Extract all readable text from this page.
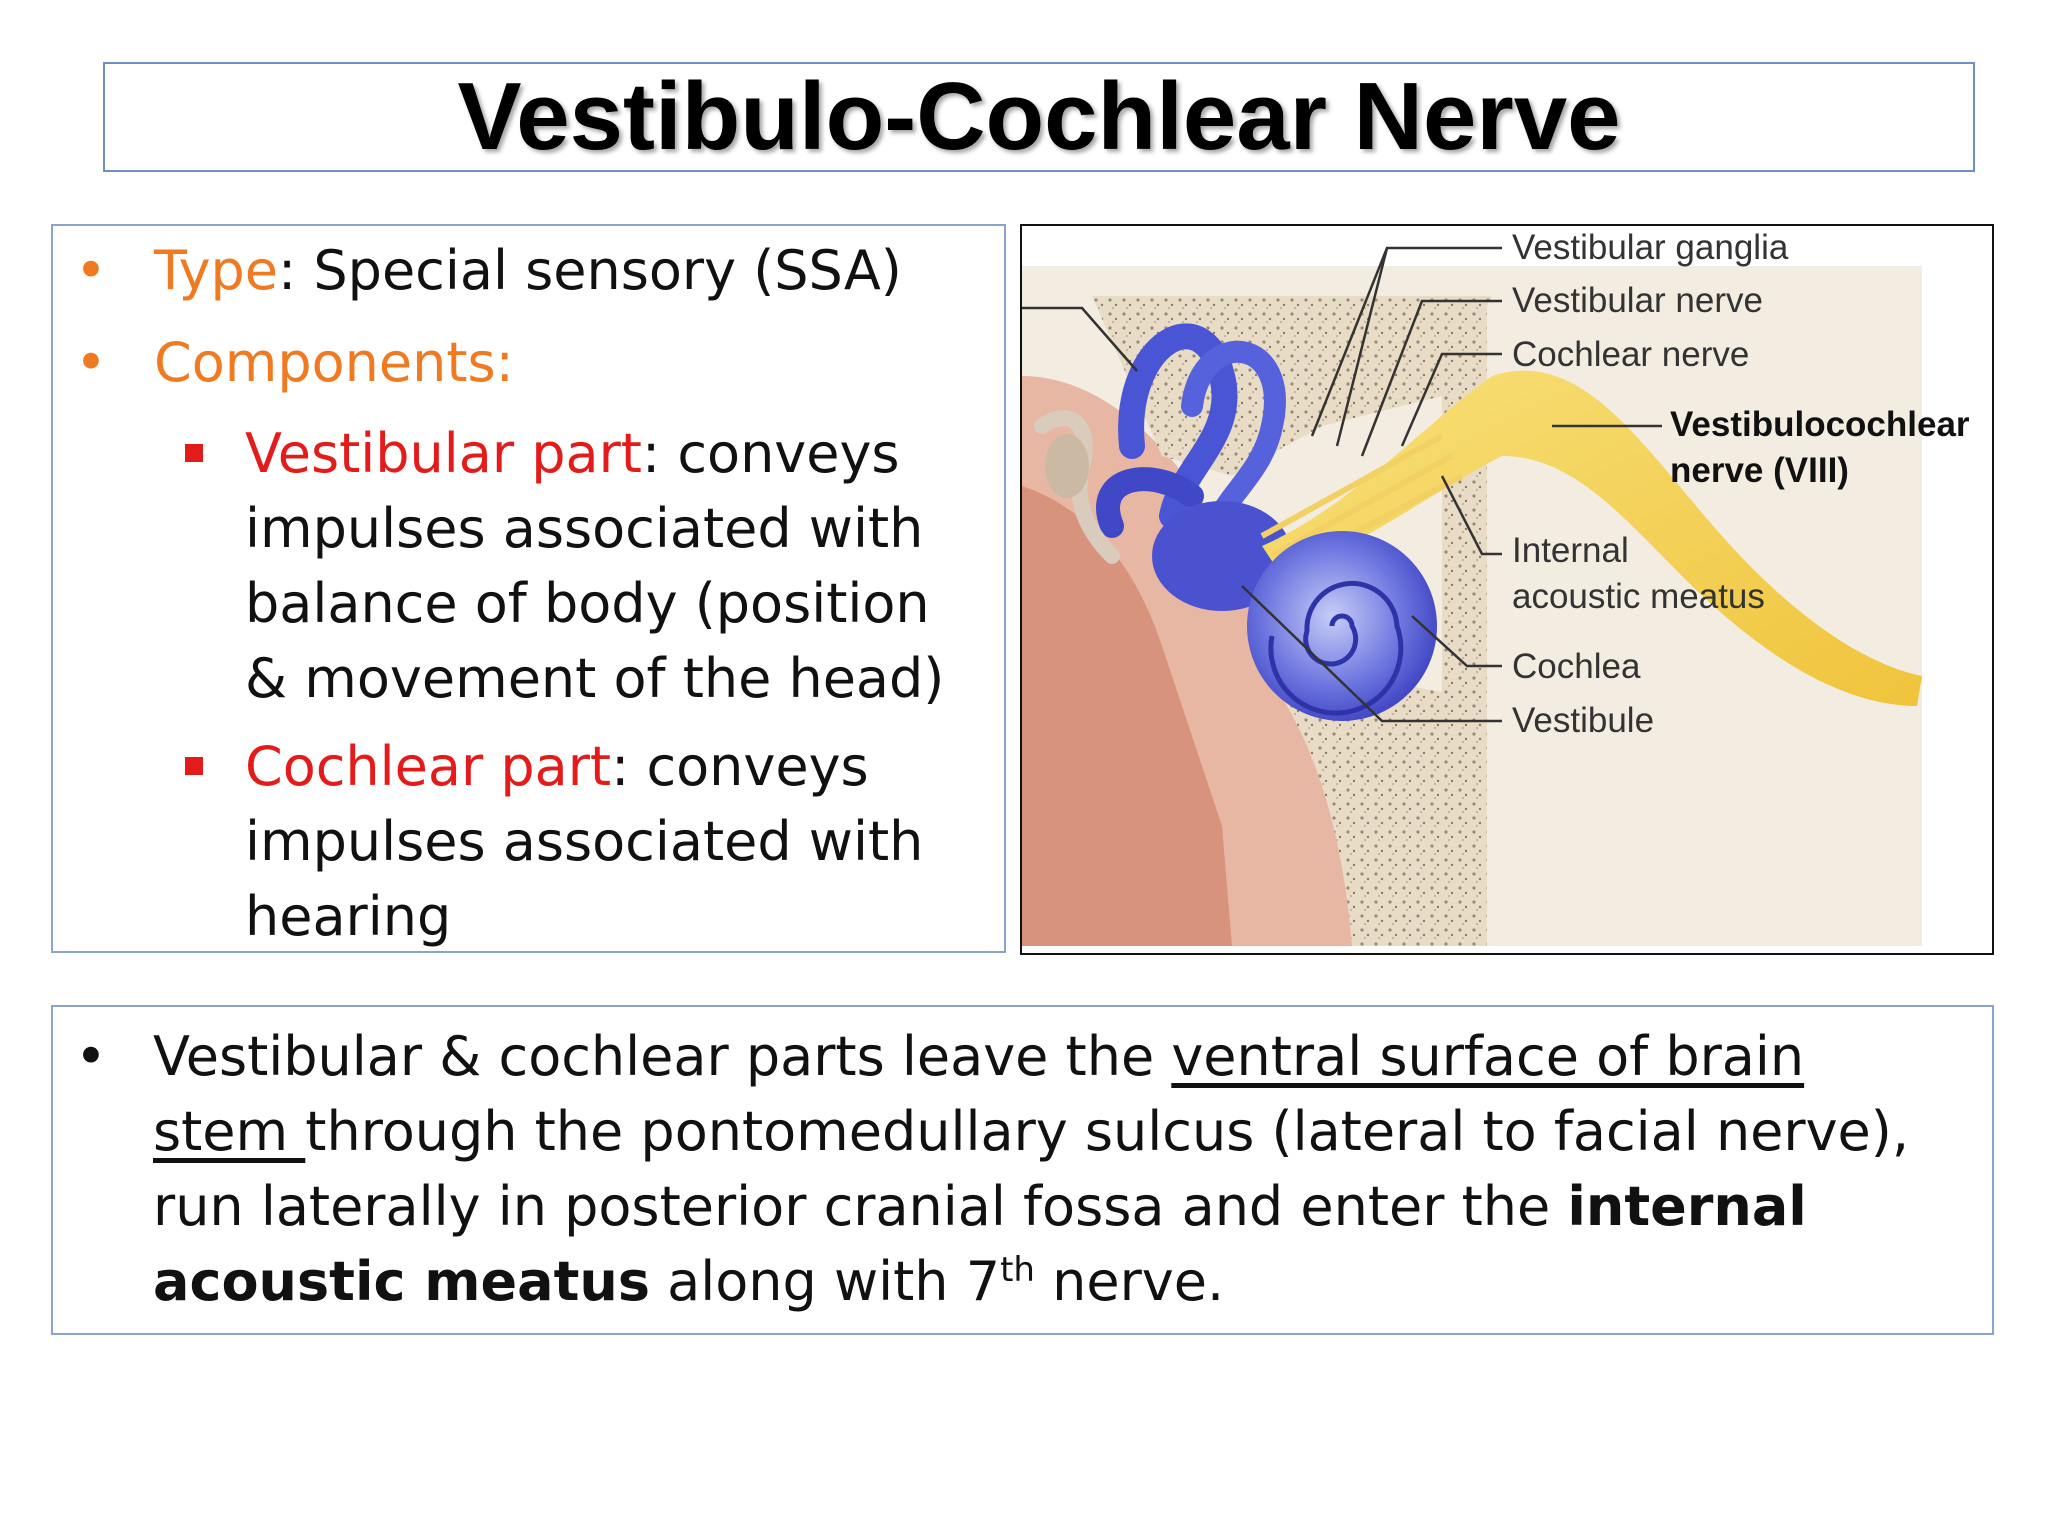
Vestibulo-Cochlear Nerve
• Type: Special sensory (SSA)
• Components:
Vestibular part: conveys impulses associated with balance of body (position & movement of the head)
Cochlear part: conveys impulses associated with hearing
Vestibular ganglia
Vestibular nerve
Cochlear nerve
Vestibulocochlear
nerve (VIII)
Internal
acoustic meatus
Cochlea
Vestibule
• Vestibular & cochlear parts leave the ventral surface of brain stem through the pontomedullary sulcus (lateral to facial nerve), run laterally in posterior cranial fossa and enter the internal acoustic meatus along with 7th nerve.
